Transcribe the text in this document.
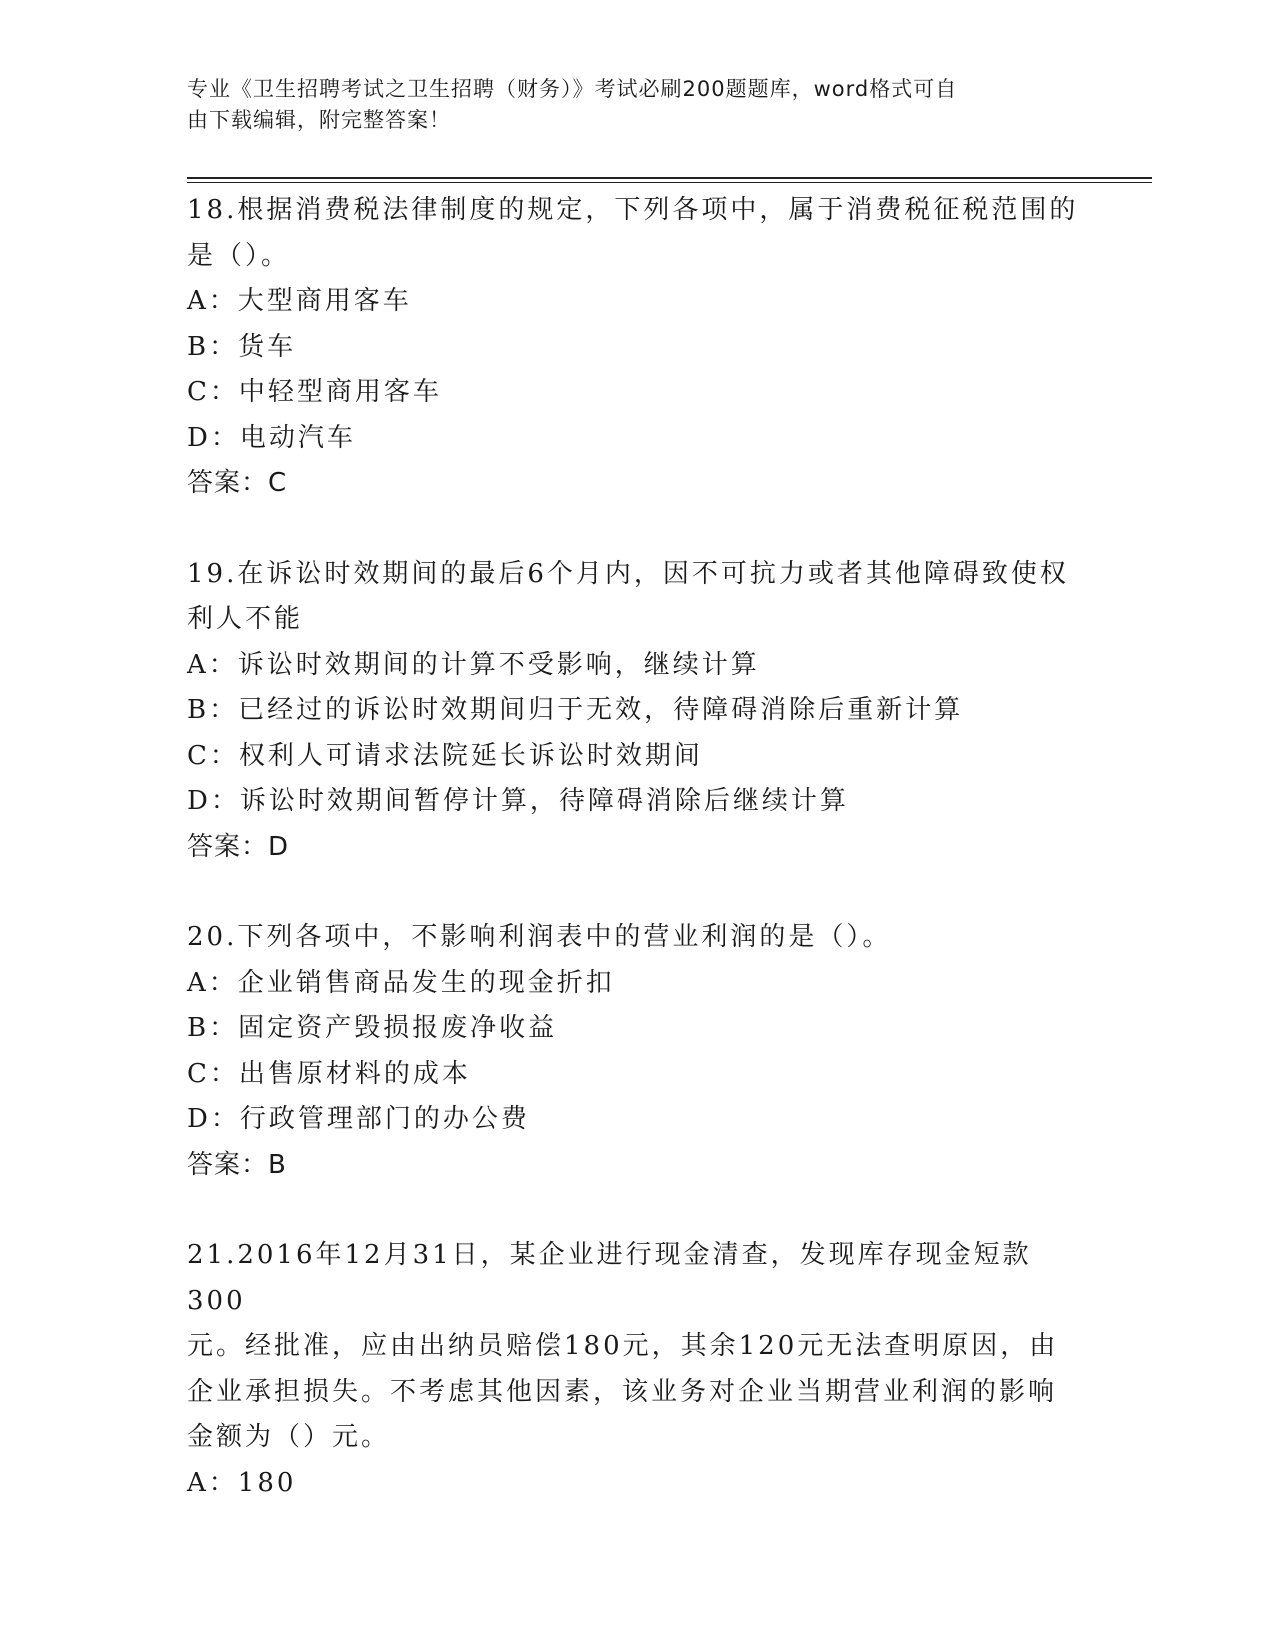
专业《卫生招聘考试之卫生招聘（财务）》考试必刷200题题库，word格式可自
由下载编辑，附完整答案！

18.根据消费税法律制度的规定，下列各项中，属于消费税征税范围的

是（）。

A：大型商用客车

B：货车

C：中轻型商用客车

D：电动汽车

答案：C

19.在诉讼时效期间的最后6个月内，因不可抗力或者其他障碍致使权

利人不能

A：诉讼时效期间的计算不受影响，继续计算

B：已经过的诉讼时效期间归于无效，待障碍消除后重新计算

C：权利人可请求法院延长诉讼时效期间

D：诉讼时效期间暂停计算，待障碍消除后继续计算

答案：D

20.下列各项中，不影响利润表中的营业利润的是（）。

A：企业销售商品发生的现金折扣

B：固定资产毁损报废净收益

C：出售原材料的成本

D：行政管理部门的办公费

答案：B

21.2016年12月31日，某企业进行现金清查，发现库存现金短款300

元。经批准，应由出纳员赔偿180元，其余120元无法查明原因，由

企业承担损失。不考虑其他因素，该业务对企业当期营业利润的影响

金额为（）元。

A：180
